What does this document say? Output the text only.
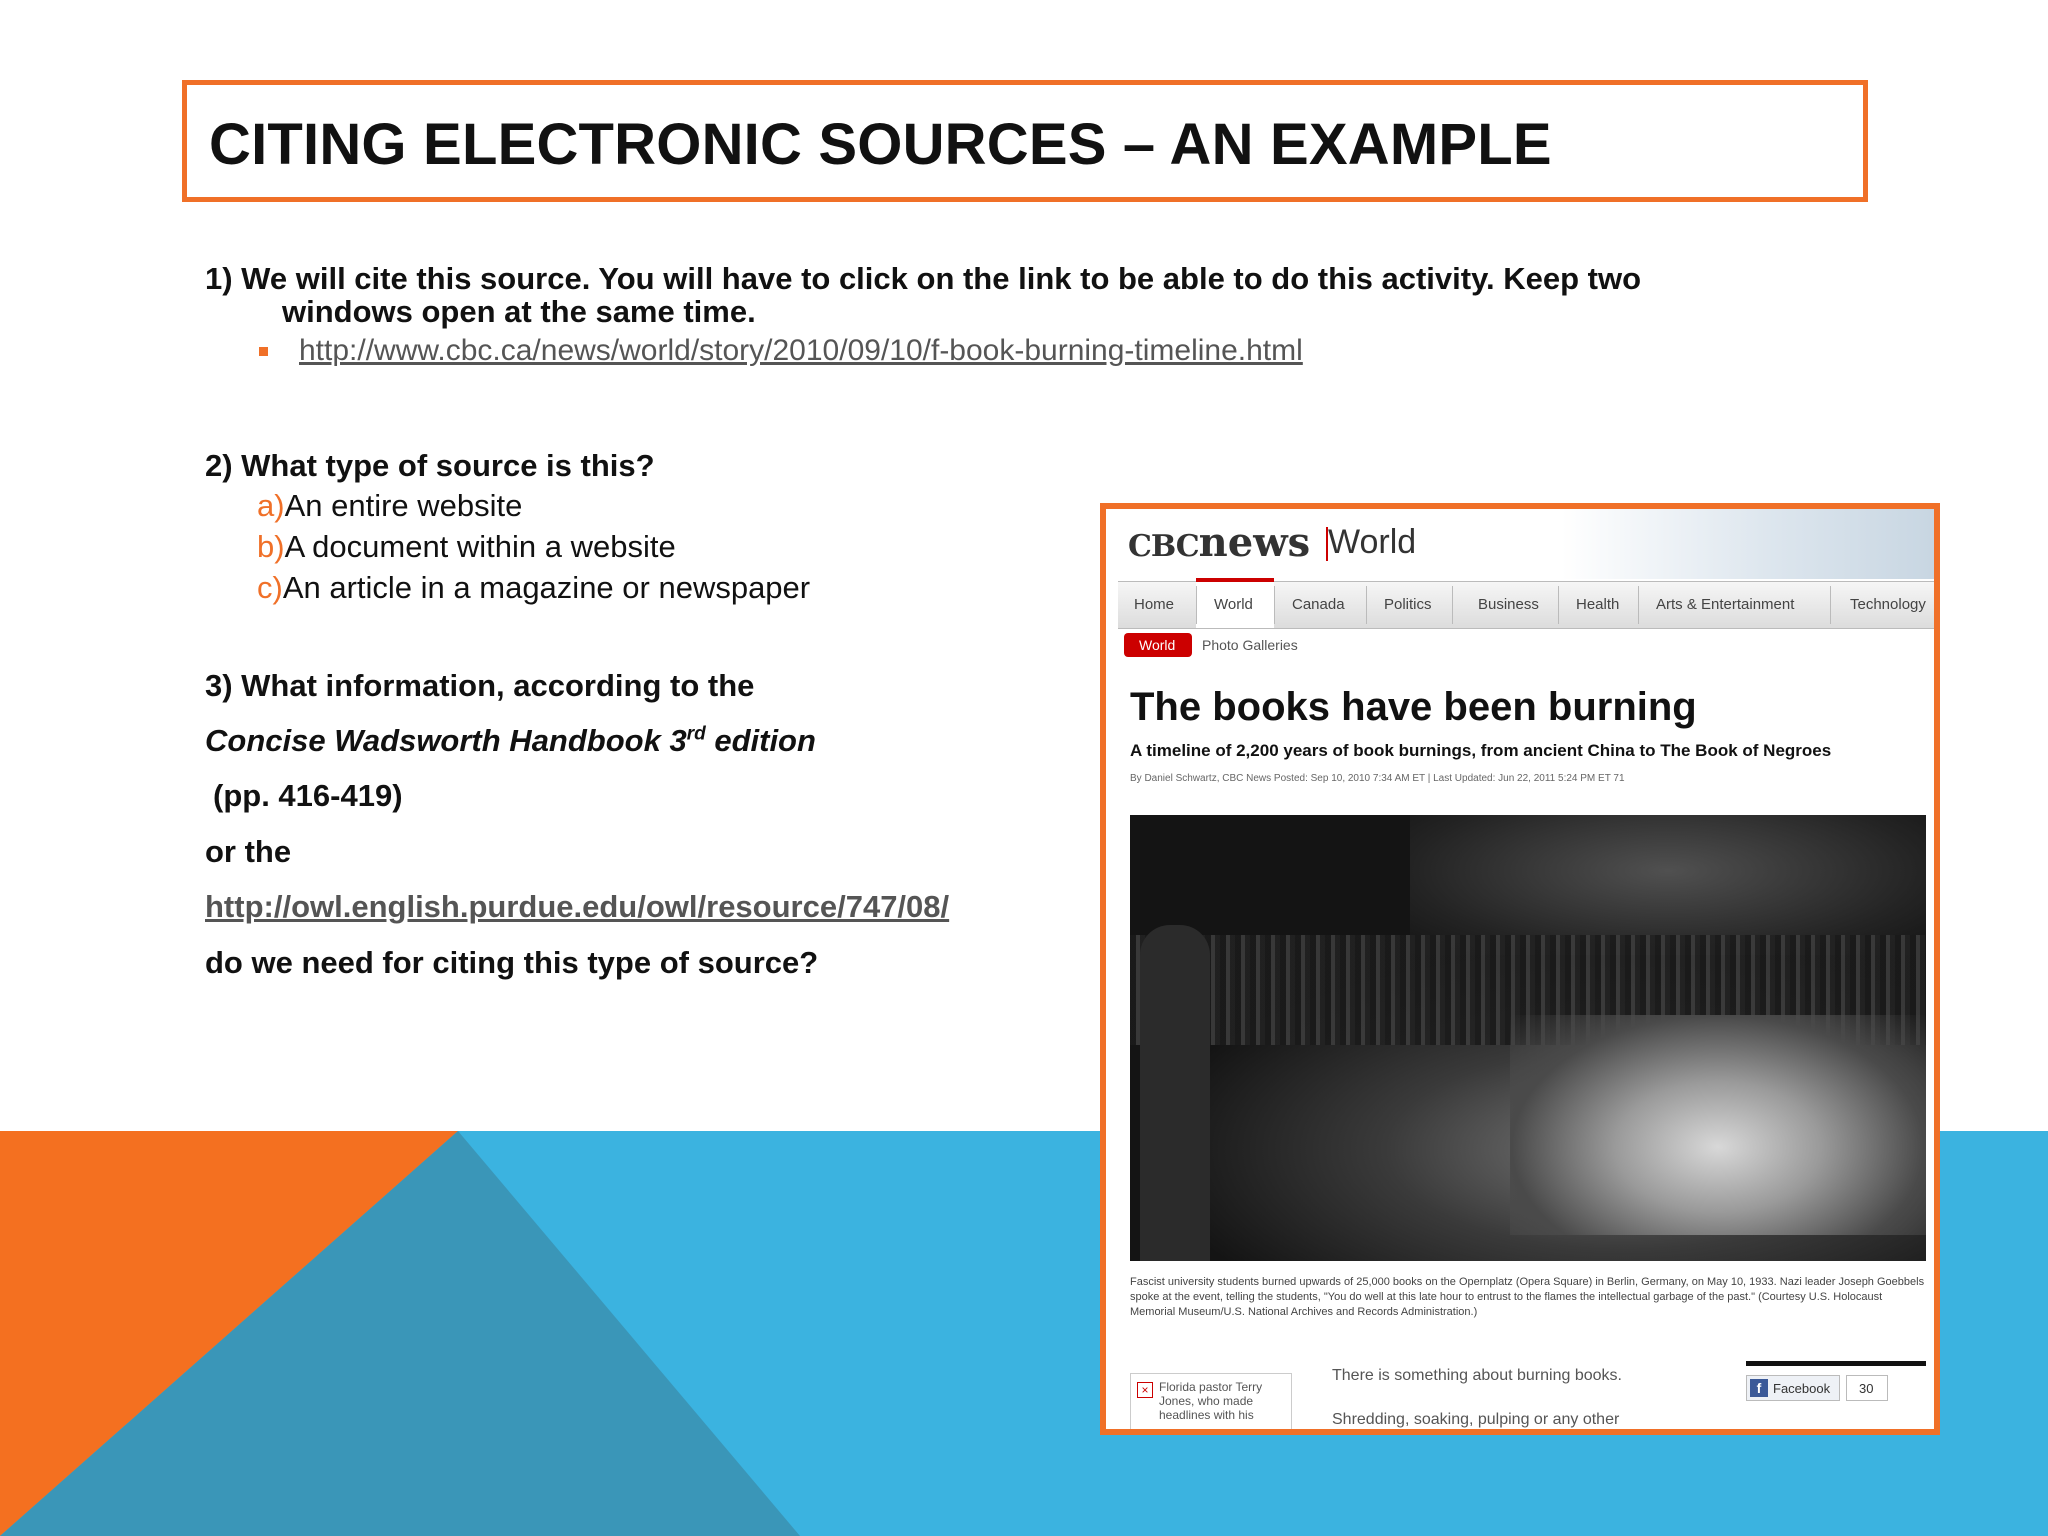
CITING ELECTRONIC SOURCES – AN EXAMPLE
1) We will cite this source. You will have to click on the link to be able to do this activity. Keep two
windows open at the same time.
http://www.cbc.ca/news/world/story/2010/09/10/f-book-burning-timeline.html
2) What type of source is this?
a)An entire website
b)A document within a website
c)An article in a magazine or newspaper
3) What information, according to the
Concise Wadsworth Handbook 3rd edition
(pp. 416-419)
or the
http://owl.english.purdue.edu/owl/resource/747/08/
do we need for citing this type of source?
CBCnews World
Home	World	Canada	Politics	Business Health Arts & Entertainment	Technology
World Photo Galleries
The books have been burning
A timeline of 2,200 years of book burnings, from ancient China to The Book of Negroes
By Daniel Schwartz, CBC News Posted: Sep 10, 2010 7:34 AM ET | Last Updated: Jun 22, 2011 5:24 PM ET 71
Fascist university students burned upwards of 25,000 books on the Opernplatz (Opera Square) in Berlin, Germany, on May 10, 1933. Nazi leader Joseph Goebbels spoke at the event, telling the students, "You do well at this late hour to entrust to the flames the intellectual garbage of the past." (Courtesy U.S. Holocaust Memorial Museum/U.S. National Archives and Records Administration.)
× Florida pastor Terry Jones, who made headlines with his
There is something about burning books.
Shredding, soaking, pulping or any other
f Facebook 30
